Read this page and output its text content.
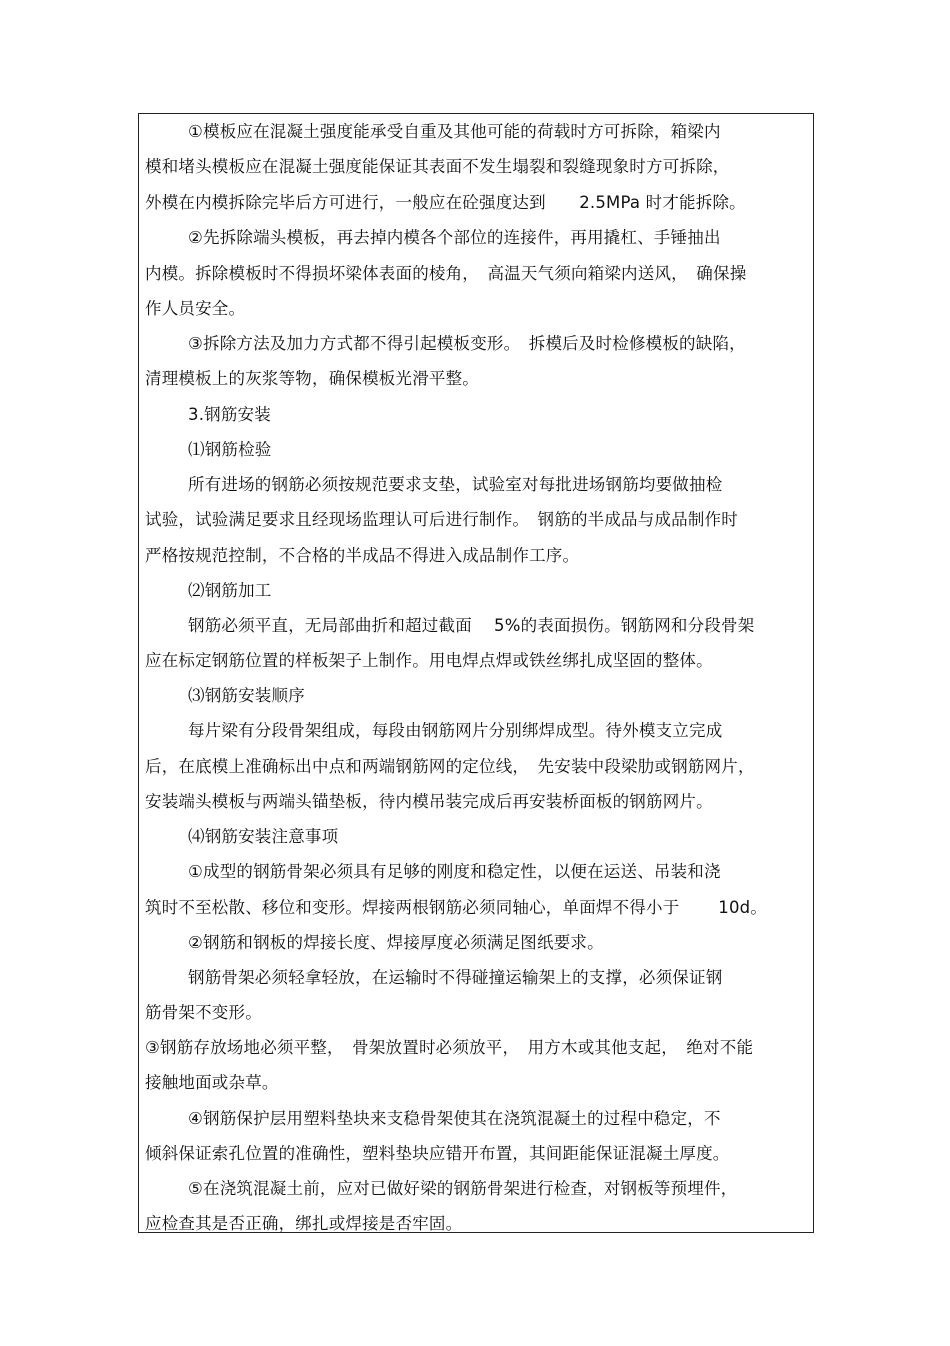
①模板应在混凝土强度能承受自重及其他可能的荷载时方可拆除，箱梁内
模和堵头模板应在混凝土强度能保证其表面不发生塌裂和裂缝现象时方可拆除，
外模在内模拆除完毕后方可进行，一般应在砼强度达到　　2.5MPa 时才能拆除。
②先拆除端头模板，再去掉内模各个部位的连接件，再用撬杠、手锤抽出
内模。拆除模板时不得损坏梁体表面的棱角，　高温天气须向箱梁内送风，　确保操
作人员安全。
③拆除方法及加力方式都不得引起模板变形。　拆模后及时检修模板的缺陷，
清理模板上的灰浆等物，确保模板光滑平整。
3.钢筋安装
⑴钢筋检验
所有进场的钢筋必须按规范要求支垫，试验室对每批进场钢筋均要做抽检
试验，试验满足要求且经现场监理认可后进行制作。　钢筋的半成品与成品制作时
严格按规范控制，不合格的半成品不得进入成品制作工序。
⑵钢筋加工
钢筋必须平直，无局部曲折和超过截面　 5%的表面损伤。钢筋网和分段骨架
应在标定钢筋位置的样板架子上制作。用电焊点焊或铁丝绑扎成坚固的整体。
⑶钢筋安装顺序
每片梁有分段骨架组成，每段由钢筋网片分别绑焊成型。待外模支立完成
后，在底模上准确标出中点和两端钢筋网的定位线，　先安装中段梁肋或钢筋网片，
安装端头模板与两端头锚垫板，待内模吊装完成后再安装桥面板的钢筋网片。
⑷钢筋安装注意事项
①成型的钢筋骨架必须具有足够的刚度和稳定性，以便在运送、吊装和浇
筑时不至松散、移位和变形。焊接两根钢筋必须同轴心，单面焊不得小于　　 10d。
②钢筋和钢板的焊接长度、焊接厚度必须满足图纸要求。
钢筋骨架必须轻拿轻放，在运输时不得碰撞运输架上的支撑，必须保证钢
筋骨架不变形。
③钢筋存放场地必须平整，　骨架放置时必须放平，　用方木或其他支起，　绝对不能
接触地面或杂草。
④钢筋保护层用塑料垫块来支稳骨架使其在浇筑混凝土的过程中稳定，不
倾斜保证索孔位置的准确性，塑料垫块应错开布置，其间距能保证混凝土厚度。
⑤在浇筑混凝土前，应对已做好梁的钢筋骨架进行检查，对钢板等预埋件，
应检查其是否正确，绑扎或焊接是否牢固。
